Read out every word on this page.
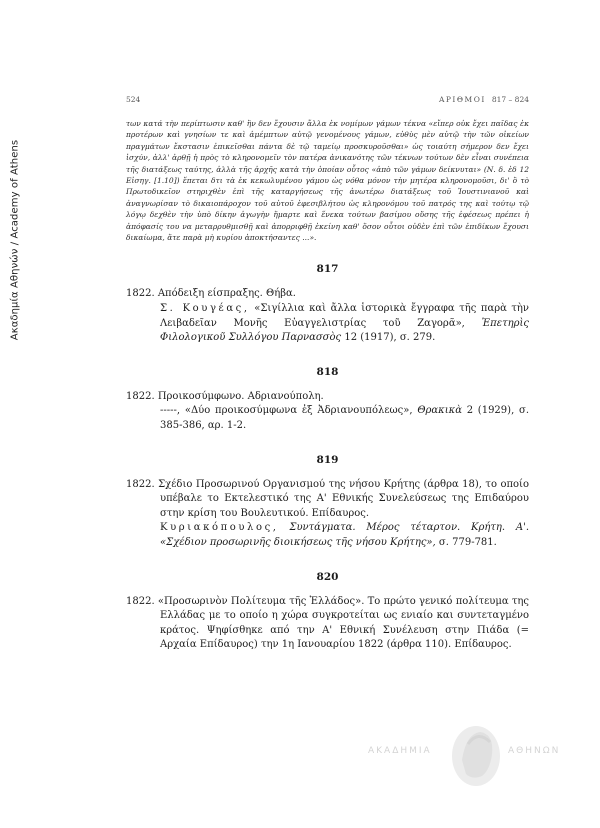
Ακαδημία Αθηνών / Academy of Athens
524	ΑΡΙΘΜΟΙ 817 – 824

των κατά τὴν περίπτωσιν καθ' ἣν δεν ἔχουσιν ἄλλα ἐκ νομίμων γάμων τέκνα «εἴπερ οὐκ ἔχει παῖδας ἐκ προτέρων καὶ γνησίων τε καὶ ἀμέμπτων αὐτῷ γενομένους γάμων, εὐθὺς μὲν αὐτῷ τὴν τῶν οἰκείων πραγμάτων ἔκστασιν ἐπικεῖσθαι πάντα δὲ τῷ ταμείῳ προσκυροῦσθαι» ὡς τοιαύτη σήμερον δεν ἔχει ἰσχύν, ἀλλ' ἀρθῇ ἡ πρὸς τὸ κληρονομεῖν τὸν πατέρα ἀνικανότης τῶν τέκνων τούτων δὲν εἶναι συνέπεια τῆς διατάξεως ταύτης, ἀλλὰ τῆς ἀρχῆς κατὰ τὴν ὁποίαν οὗτος «ἀπὸ τῶν γάμων δείκνυται» (Ν. δ. ἐδ 12 Εἰσηγ. [1.10]) ἕπεται δτι τὰ ἐκ κεκωλυμένου γάμου ὡς νόθα μόνον τὴν μητέρα κληρονομοῦσι, δι' ὃ τὸ Πρωτοδικεῖον στηριχθὲν ἐπὶ τῆς καταργήσεως τῆς ἀνωτέρω διατάξεως τοῦ Ἰουστινιανοῦ καὶ ἀναγνωρίσαν τὸ δικαιοπάροχον τοῦ αὐτοῦ ἐφεσιβλήτου ὡς κληρονόμου τοῦ πατρός της καὶ τούτῳ τῷ λόγῳ δεχθὲν τὴν ὑπὸ δίκην ἀγωγὴν ἥμαρτε καὶ ἕνεκα τούτων βασίμου οὔσης τῆς ἐφέσεως πρέπει ἡ ἀπόφασίς του να μεταρρυθμισθῇ καὶ ἀπορριφθῇ ἐκείνη καθ' ὅσον οὗτοι οὐδὲν ἐπὶ τῶν ἐπιδίκων ἔχουσι δικαίωμα, ἅτε παρὰ μὴ κυρίου ἀποκτήσαντες ...».

817
1822. Απόδειξη είσπραξης. Θήβα.
Σ. Κουγέας, «Σιγίλλια καὶ ἄλλα ἱστορικὰ ἔγγραφα τῆς παρὰ τὴν Λειβαδεῖαν Μονῆς Εὐαγγελιστρίας τοῦ Ζαγορᾶ», Ἐπετηρὶς Φιλολογικοῦ Συλλόγου Παρνασσὸς 12 (1917), σ. 279.
818
1822. Προικοσύμφωνο. Αδριανούπολη.
-----, «Δύο προικοσύμφωνα ἐξ Ἀδριανουπόλεως», Θρακικὰ 2 (1929), σ. 385-386, αρ. 1-2.
819
1822. Σχέδιο Προσωρινού Οργανισμού της νήσου Κρήτης (άρθρα 18), το οποίο υπέβαλε το Εκτελεστικό της Α' Εθνικής Συνελεύσεως της Επιδαύρου στην κρίση του Βουλευτικού. Επίδαυρος.
Κυριακόπουλος, Συντάγματα. Μέρος τέταρτον. Κρήτη. Α'. «Σχέδιον προσωρινῆς διοικήσεως τῆς νήσου Κρήτης», σ. 779-781.
820
1822. «Προσωρινὸν Πολίτευμα τῆς Ἑλλάδος». Το πρώτο γενικό πολίτευμα της Ελλάδας με το οποίο η χώρα συγκροτείται ως ενιαίο και συντεταγμένο κράτος. Ψηφίσθηκε από την Α' Εθνική Συνέλευση στην Πιάδα (= Αρχαία Επίδαυρος) την 1η Ιανουαρίου 1822 (άρθρα 110). Επίδαυρος.
ΑΚΑΔΗΜΙΑ	ΑΘΗΝΩΝ
